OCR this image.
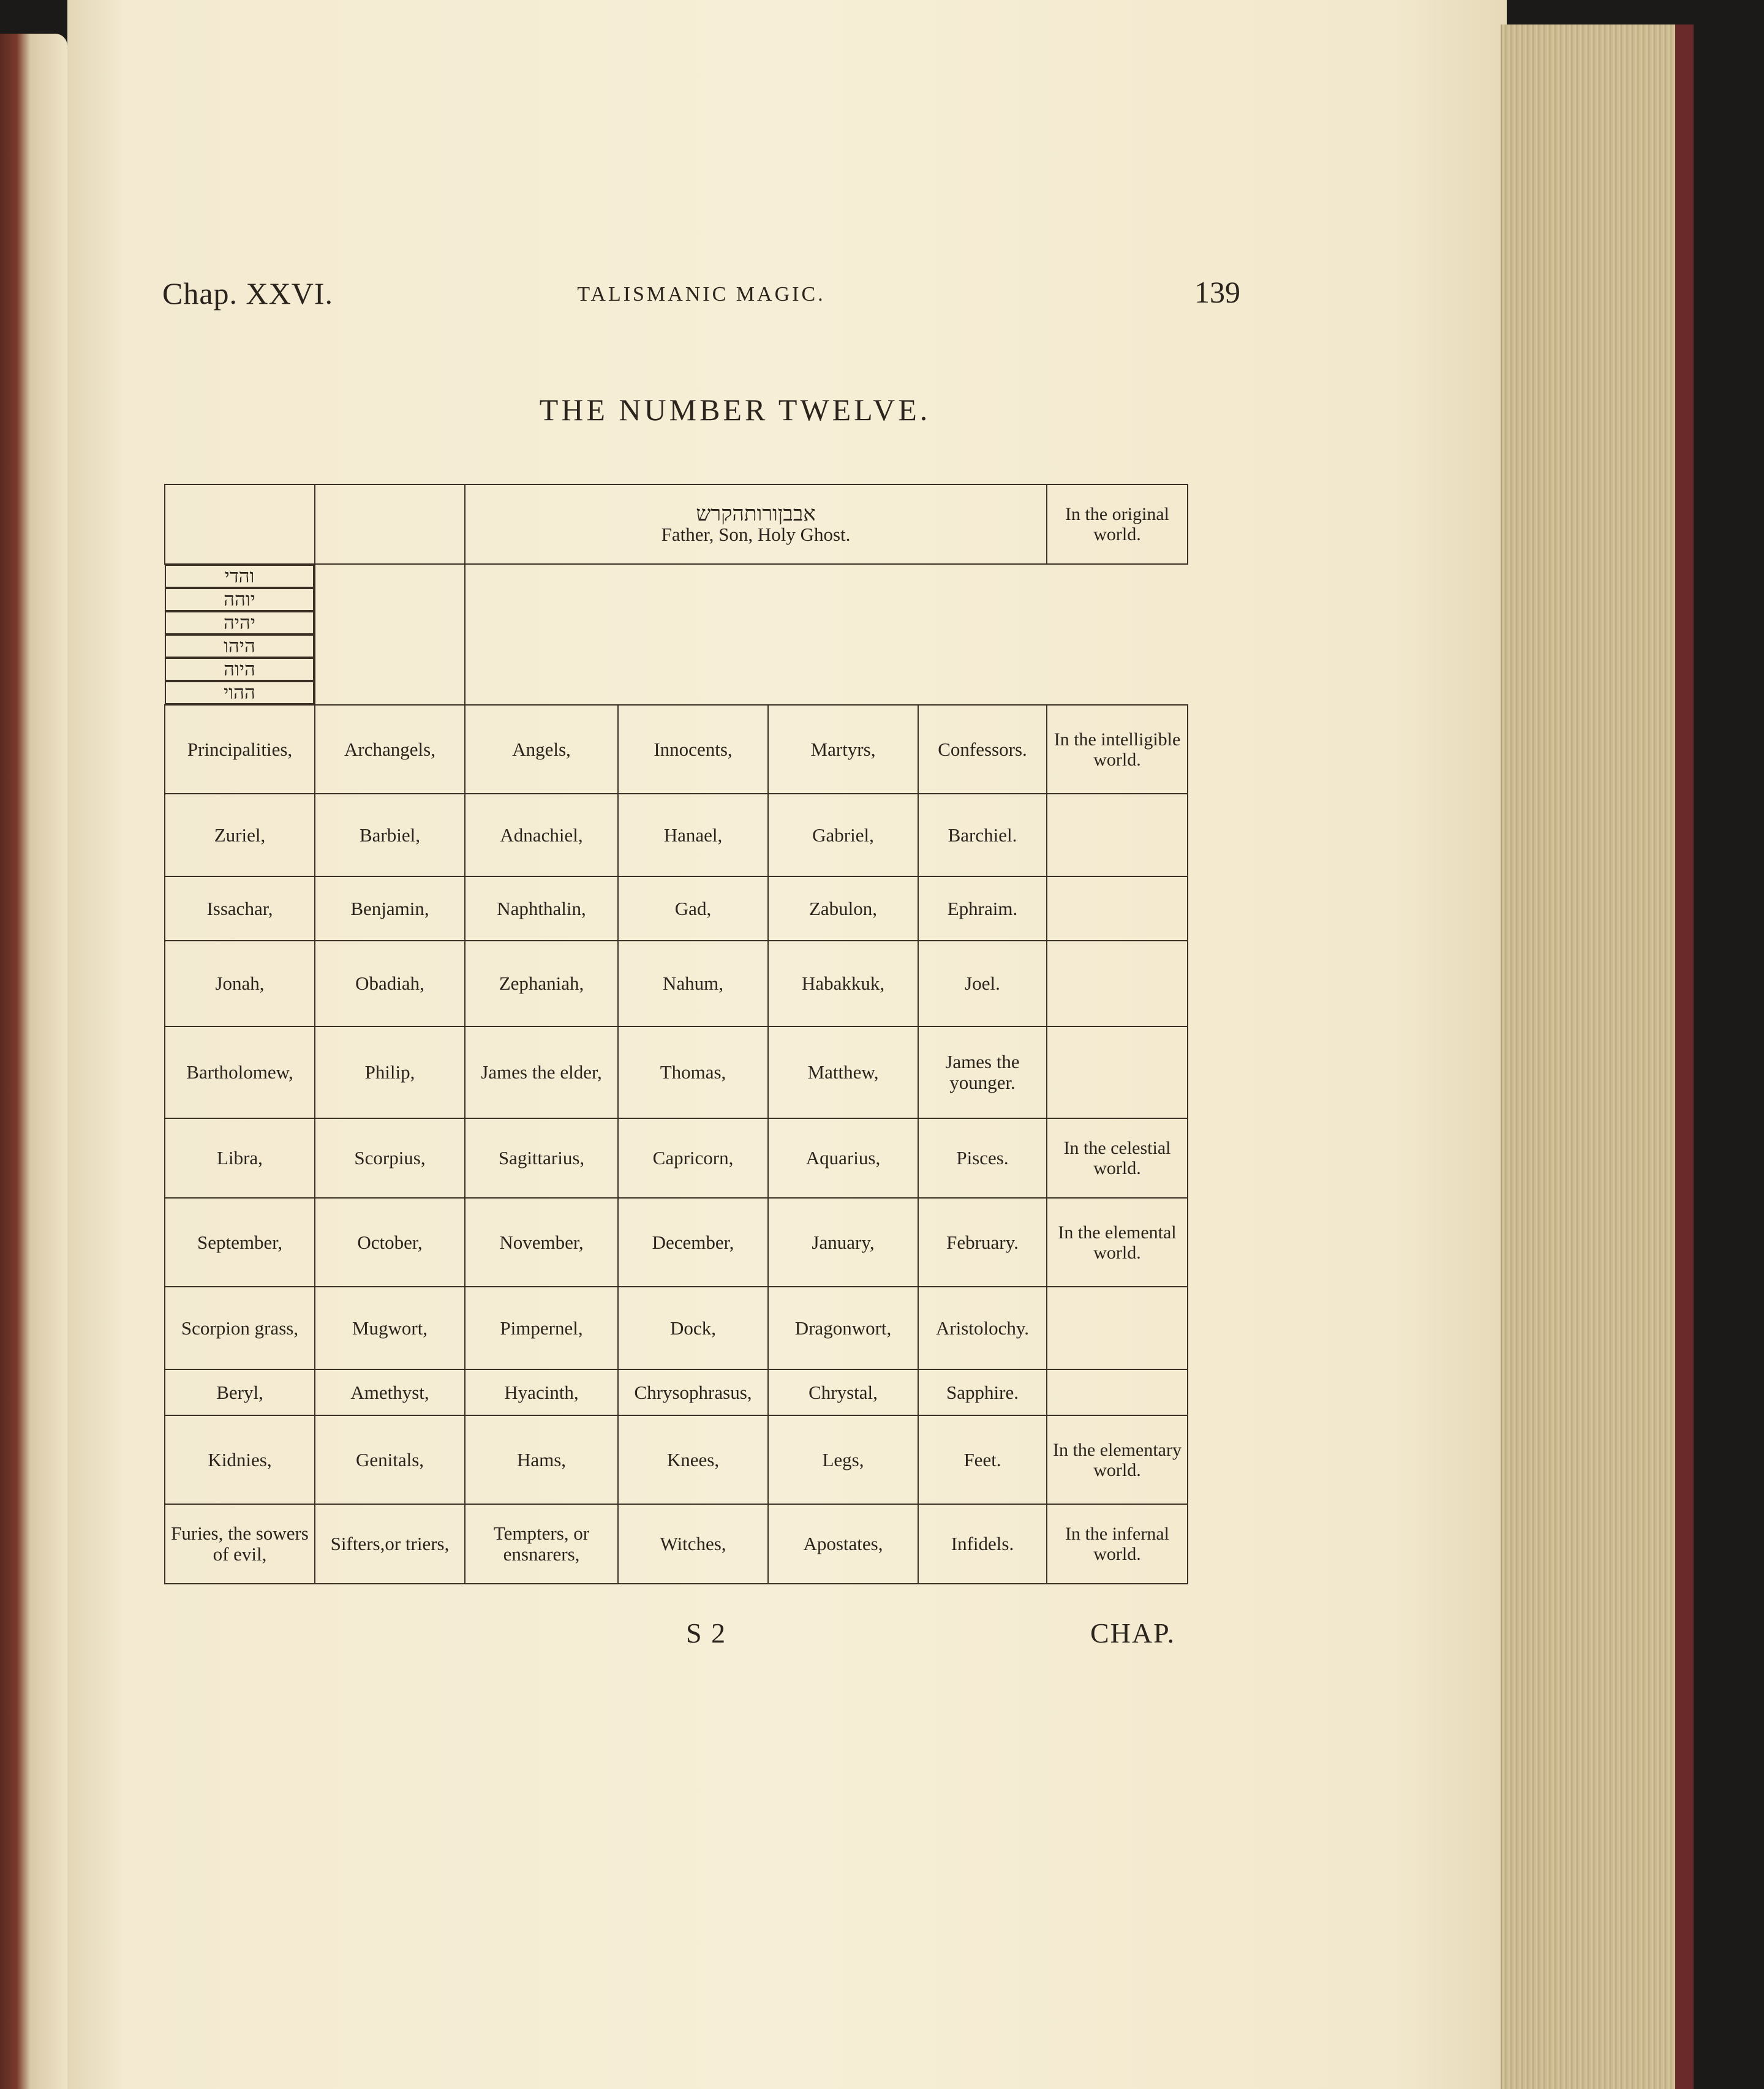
Chap. XXVI.	TALISMANIC MAGIC.	139
THE NUMBER TWELVE.

		אבבןורותהקרש
Father, Son, Holy Ghost.				In the original world.

והדי
יוהה
יהיה
היהו
היוה
ההוי

Principalities,	Archangels,	Angels,	Innocents,	Martyrs,	Confessors.	In the intelligible world.
Zuriel,	Barbiel,	Adnachiel,	Hanael,	Gabriel,	Barchiel.	
Issachar,	Benjamin,	Naphthalin,	Gad,	Zabulon,	Ephraim.	
Jonah,	Obadiah,	Zephaniah,	Nahum,	Habakkuk,	Joel.	
Bartholomew,	Philip,	James the elder,	Thomas,	Matthew,	James the younger.	
Libra,	Scorpius,	Sagittarius,	Capricorn,	Aquarius,	Pisces.	In the celestial world.
September,	October,	November,	December,	January,	February.	In the elemental world.
Scorpion grass,	Mugwort,	Pimpernel,	Dock,	Dragonwort,	Aristolochy.	
Beryl,	Amethyst,	Hyacinth,	Chrysophrasus,	Chrystal,	Sapphire.	
Kidnies,	Genitals,	Hams,	Knees,	Legs,	Feet.	In the elementary world.
Furies, the sowers of evil,	Sifters,or triers,	Tempters, or ensnarers,	Witches,	Apostates,	Infidels.	In the infernal world.
S 2	CHAP.
